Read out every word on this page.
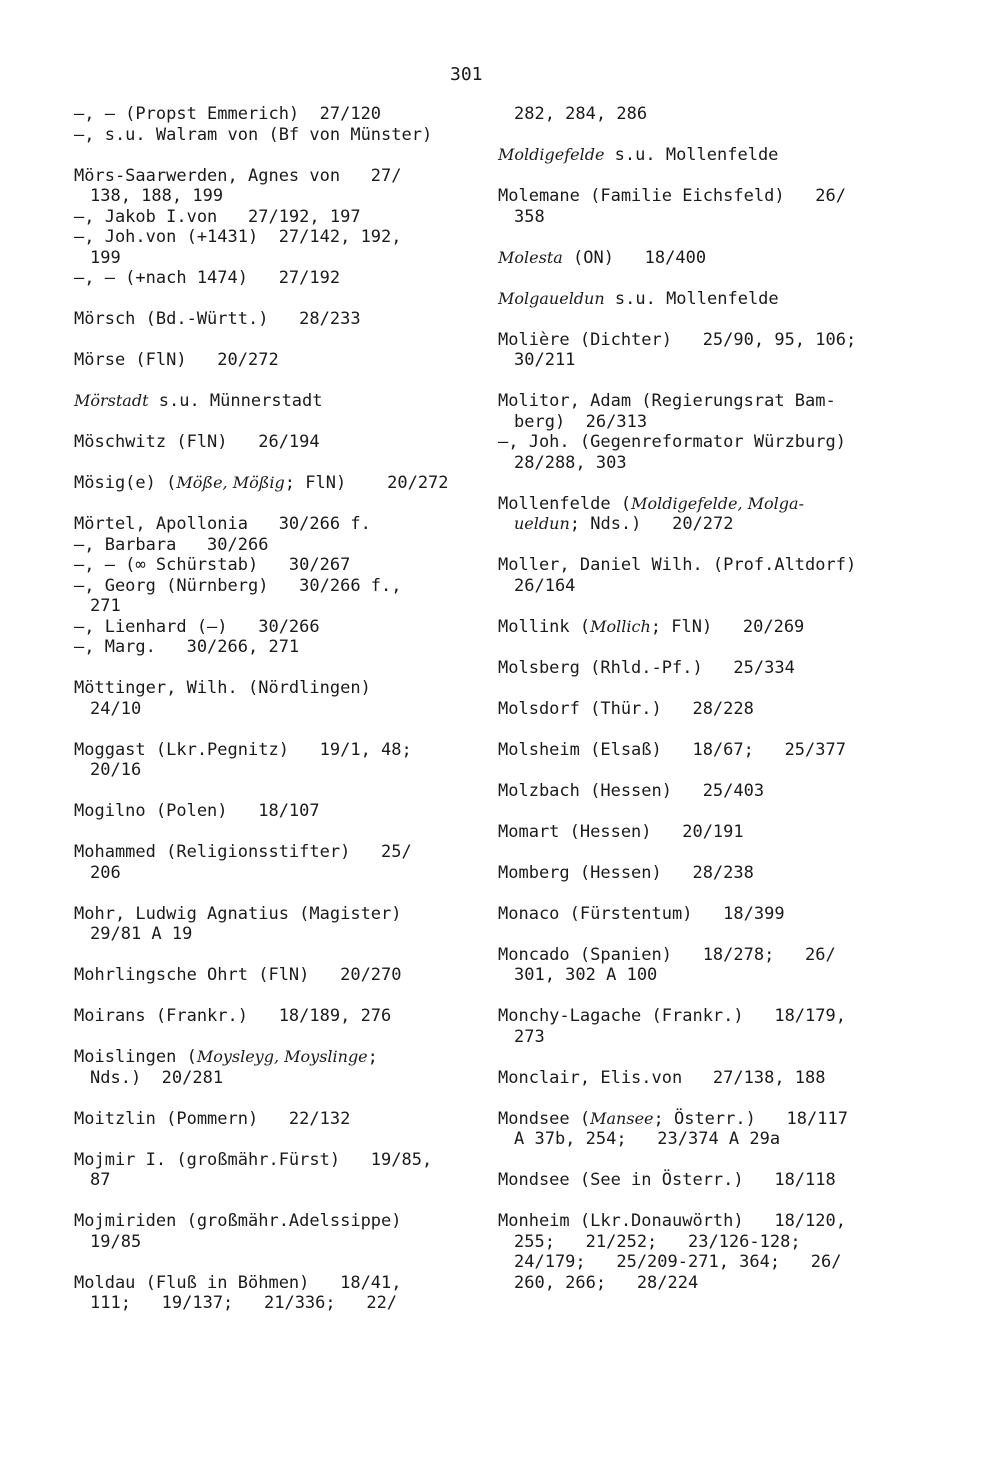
301
—, — (Propst Emmerich)  27/120
—, s.u. Walram von (Bf von Münster)
Mörs-Saarwerden, Agnes von   27/
138, 188, 199
—, Jakob I.von   27/192, 197
—, Joh.von (+1431)  27/142, 192,
199
—, — (+nach 1474)   27/192
Mörsch (Bd.-Württ.)   28/233
Mörse (FlN)   20/272
Mörstadt s.u. Münnerstadt
Möschwitz (FlN)   26/194
Mösig(e) (Möße, Mößig; FlN)    20/272
Mörtel, Apollonia   30/266 f.
—, Barbara   30/266
—, — (∞ Schürstab)   30/267
—, Georg (Nürnberg)   30/266 f.,
271
—, Lienhard (—)   30/266
—, Marg.   30/266, 271
Möttinger, Wilh. (Nördlingen)
24/10
Moggast (Lkr.Pegnitz)   19/1, 48;
20/16
Mogilno (Polen)   18/107
Mohammed (Religionsstifter)   25/
206
Mohr, Ludwig Agnatius (Magister)
29/81 A 19
Mohrlingsche Ohrt (FlN)   20/270
Moirans (Frankr.)   18/189, 276
Moislingen (Moysleyg, Moyslinge;
Nds.)  20/281
Moitzlin (Pommern)   22/132
Mojmir I. (großmähr.Fürst)   19/85,
87
Mojmiriden (großmähr.Adelssippe)
19/85
Moldau (Fluß in Böhmen)   18/41,
111;   19/137;   21/336;   22/
282, 284, 286
Moldigefelde s.u. Mollenfelde
Molemane (Familie Eichsfeld)   26/
358
Molesta (ON)   18/400
Molgaueldun s.u. Mollenfelde
Molière (Dichter)   25/90, 95, 106;
30/211
Molitor, Adam (Regierungsrat Bam-
berg)  26/313
—, Joh. (Gegenreformator Würzburg)
28/288, 303
Mollenfelde (Moldigefelde, Molga-
ueldun; Nds.)   20/272
Moller, Daniel Wilh. (Prof.Altdorf)
26/164
Mollink (Mollich; FlN)   20/269
Molsberg (Rhld.-Pf.)   25/334
Molsdorf (Thür.)   28/228
Molsheim (Elsaß)   18/67;   25/377
Molzbach (Hessen)   25/403
Momart (Hessen)   20/191
Momberg (Hessen)   28/238
Monaco (Fürstentum)   18/399
Moncado (Spanien)   18/278;   26/
301, 302 A 100
Monchy-Lagache (Frankr.)   18/179,
273
Monclair, Elis.von   27/138, 188
Mondsee (Mansee; Österr.)   18/117
A 37b, 254;   23/374 A 29a
Mondsee (See in Österr.)   18/118
Monheim (Lkr.Donauwörth)   18/120,
255;   21/252;   23/126-128;
24/179;   25/209-271, 364;   26/
260, 266;   28/224
